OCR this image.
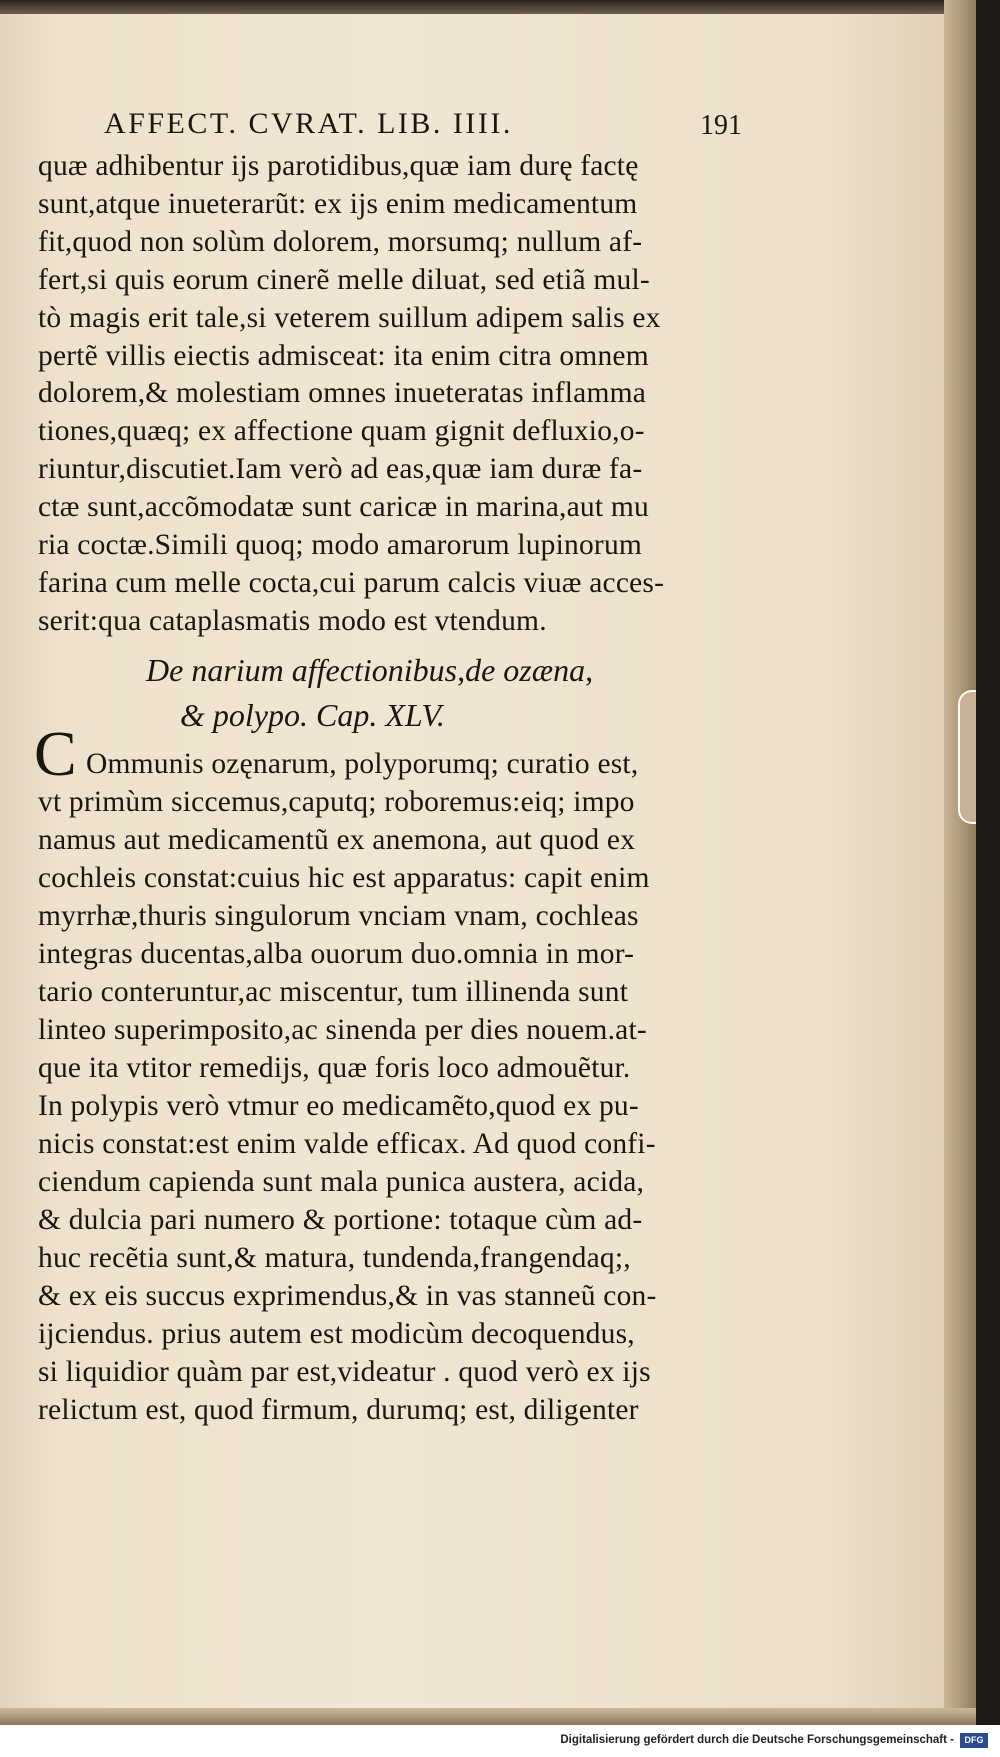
AFFECT. CVRAT. LIB. IIII.	191
quæ adhibentur ijs parotidibus,quæ iam durę factę
sunt,atque inueterarũt: ex ijs enim medicamentum
fit,quod non solùm dolorem, morsumq; nullum af-
fert,si quis eorum cinerẽ melle diluat, sed etiã mul-
tò magis erit tale,si veterem suillum adipem salis ex
pertẽ villis eiectis admisceat: ita enim citra omnem
dolorem,& molestiam omnes inueteratas inflamma
tiones,quæq; ex affectione quam gignit defluxio,o-
riuntur,discutiet.Iam verò ad eas,quæ iam duræ fa-
ctæ sunt,accõmodatæ sunt caricæ in marina,aut mu
ria coctæ.Simili quoq; modo amarorum lupinorum
farina cum melle cocta,cui parum calcis viuæ acces-
serit:qua cataplasmatis modo est vtendum.
De narium affectionibus,de ozæna,
& polypo. Cap. XLV.
C Ommunis ozęnarum, polyporumq; curatio est,
vt primùm siccemus,caputq; roboremus:eiq; impo
namus aut medicamentũ ex anemona, aut quod ex
cochleis constat:cuius hic est apparatus: capit enim
myrrhæ,thuris singulorum vnciam vnam, cochleas
integras ducentas,alba ouorum duo.omnia in mor-
tario conteruntur,ac miscentur, tum illinenda sunt
linteo superimposito,ac sinenda per dies nouem.at-
que ita vtitor remedijs, quæ foris loco admouẽtur.
In polypis verò vtmur eo medicamẽto,quod ex pu-
nicis constat:est enim valde efficax. Ad quod confi-
ciendum capienda sunt mala punica austera, acida,
& dulcia pari numero & portione: totaque cùm ad-
huc recẽtia sunt,& matura, tundenda,frangendaq;,
& ex eis succus exprimendus,& in vas stanneũ con-
ijciendus. prius autem est modicùm decoquendus,
si liquidior quàm par est,videatur . quod verò ex ijs
relictum est, quod firmum, durumq; est, diligenter
Digitalisierung gefördert durch die Deutsche Forschungsgemeinschaft -	DFG
